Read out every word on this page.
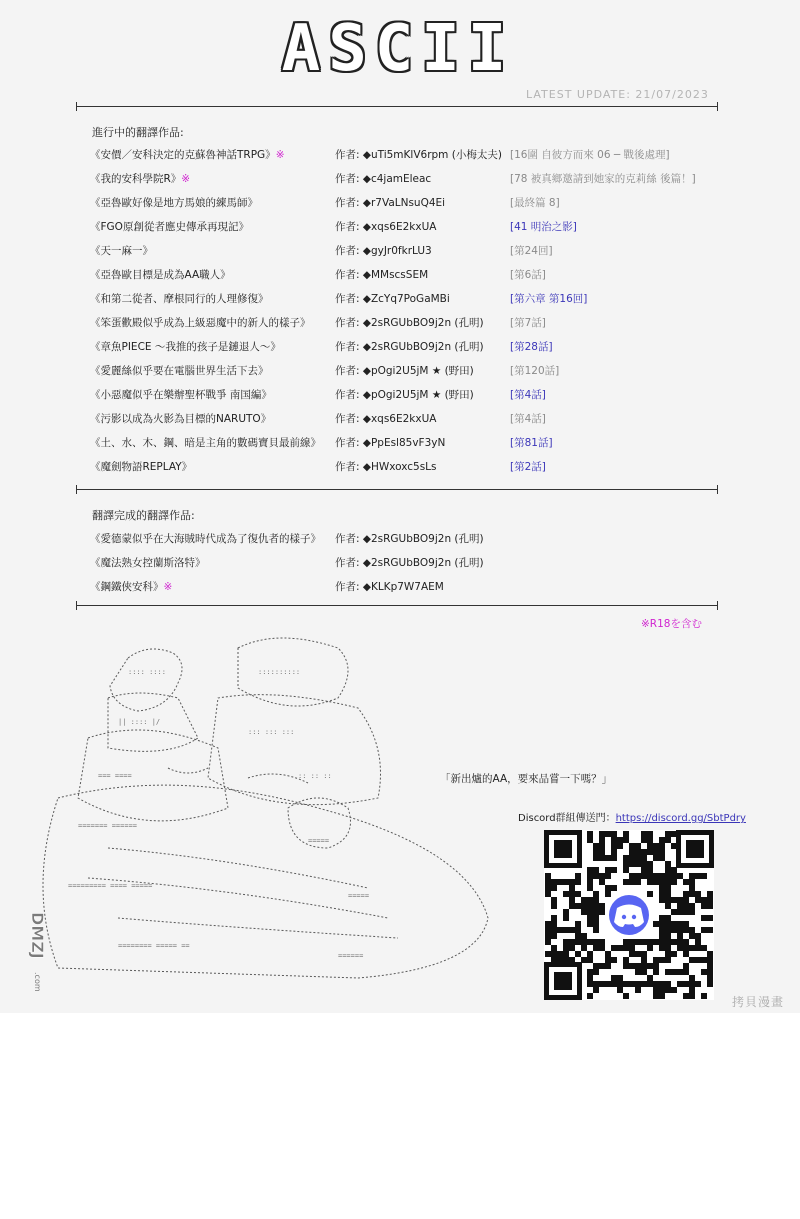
ASCII
LATEST UPDATE: 21/07/2023
進行中的翻譯作品:
《安價／安科決定的克蘇魯神話TRPG》※	作者: ◆uTi5mKlV6rpm (小梅太夫) [16圍 自彼方而來 06 ─ 戰後處理]
《我的安科學院R》※	作者: ◆c4jamEleac	[78 被真鄉邀請到她家的克莉絲 後篇！]
《亞魯歐好像是地方馬娘的練馬師》	作者: ◆r7VaLNsuQ4Ei	[最終篇 8]
《FGO原創從者應史傳承再現記》	作者: ◆xqs6E2kxUA	[41 明治之影]
《天一麻一》	作者: ◆gyJr0fkrLU3	[第24回]
《亞魯歐目標是成為AA職人》	作者: ◆MMscsSEM	[第6話]
《和第二從者、摩根同行的人理修復》	作者: ◆ZcYq7PoGaMBi	[第六章 第16回]
《笨蛋歡殿似乎成為上級惡魔中的新人的樣子》 作者: ◆2sRGUbBO9j2n (孔明)	[第7話]
《章魚PIECE ～我推的孩子是鏈退人～》	作者: ◆2sRGUbBO9j2n (孔明)	[第28話]
《愛麗絲似乎要在電腦世界生活下去》	作者: ◆pOgi2U5jM ★ (野田)	[第120話]
《小惡魔似乎在樂辦聖杯戰爭 南国編》	作者: ◆pOgi2U5jM ★ (野田)	[第4話]
《污影以成為火影為目標的NARUTO》	作者: ◆xqs6E2kxUA	[第4話]
《土、水、木、鋼、暗是主角的數碼寶貝最前線》 作者: ◆PpEsl85vF3yN	[第81話]
《魔劍物語REPLAY》	作者: ◆HWxoxc5sLs	[第2話]
翻譯完成的翻譯作品:
《愛德蒙似乎在大海賊時代成為了復仇者的樣子》 作者: ◆2sRGUbBO9j2n (孔明)
《魔法熟女控蘭斯洛特》	作者: ◆2sRGUbBO9j2n (孔明)
《鋼鐵俠安科》※	作者: ◆KLKp7W7AEM
※R18を含む
:::: ::::	::::::::::
|| :::: |/
::: ::: :::
=== ====	:: :: ::
======= ======
=====
========= ==== =====
=====
======== ===== ==
======
「新出爐的AA，要來品嘗一下嗎？」
Discord群組傳送門：https://discord.gg/SbtPdry
DMZJ
.com
拷貝漫畫
